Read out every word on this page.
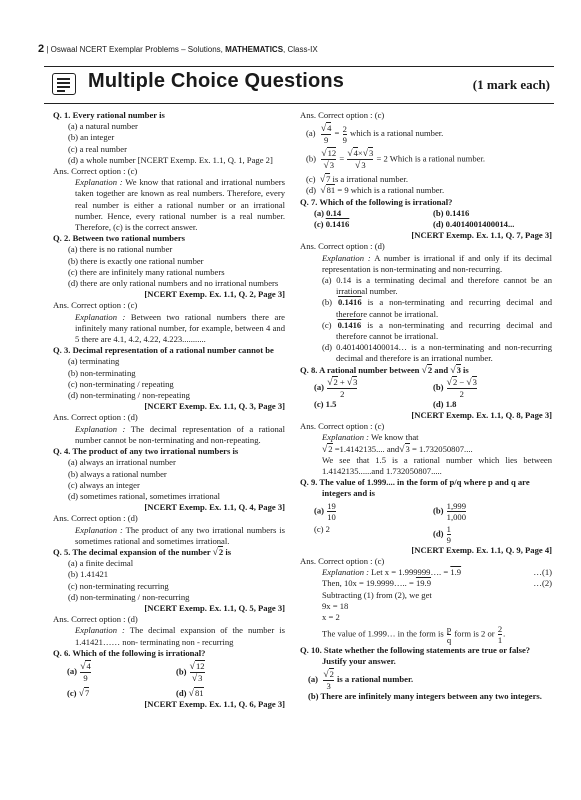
2 | Oswaal NCERT Exemplar Problems – Solutions, MATHEMATICS, Class-IX
Multiple Choice Questions	(1 mark each)
Q. 1. Every rational number is
(a) a natural number
(b) an integer
(c) a real number
(d) a whole number [NCERT Exemp. Ex. 1.1, Q. 1, Page 2]
Ans. Correct option : (c)
Explanation : We know that rational and irrational numbers taken together are known as real numbers. Therefore, every real number is either a rational number or an irrational number. Hence, every rational number is a real number. Therefore, (c) is the correct answer.
Q. 2. Between two rational numbers
(a) there is no rational number
(b) there is exactly one rational number
(c) there are infinitely many rational numbers
(d) there are only rational numbers and no irrational numbers
[NCERT Exemp. Ex. 1.1, Q. 2, Page 3]
Ans. Correct option : (c)
Explanation : Between two rational numbers there are infinitely many rational number, for example, between 4 and 5 there are 4.1, 4.2, 4.22, 4.223...........
Q. 3. Decimal representation of a rational number cannot be
(a) terminating
(b) non-terminating
(c) non-terminating / repeating
(d) non-terminating / non-repeating
[NCERT Exemp. Ex. 1.1, Q. 3, Page 3]
Ans. Correct option : (d)
Explanation : The decimal representation of a rational number cannot be non-terminating and non-repeating.
Q. 4. The product of any two irrational numbers is
(a) always an irrational number
(b) always a rational number
(c) always an integer
(d) sometimes rational, sometimes irrational
[NCERT Exemp. Ex. 1.1, Q. 4, Page 3]
Ans. Correct option : (d)
Explanation : The product of any two irrational numbers is sometimes rational and sometimes irrational.
Q. 5. The decimal expansion of the number √2 is
(a) a finite decimal
(b) 1.41421
(c) non-terminating recurring
(d) non-terminating / non-recurring
[NCERT Exemp. Ex. 1.1, Q. 5, Page 3]
Ans. Correct option : (d)
Explanation : The decimal expansion of the number is 1.41421…… non- terminating non - recurring
Q. 6. Which of the following is irrational?
$(a) \frac{√4}{9}$	$(b) \frac{√12}{√3}$
(c) √7	(d) √81
[NCERT Exemp. Ex. 1.1, Q. 6, Page 3]
Ans. Correct option : (c)
$(a) \frac{√4}{9} = \frac{2}{9}$ which is a rational number.
$(b) \frac{√12}{√3} = \frac{√4\times√3}{√3} = 2$ Which is a rational number.
(c) √7 is a irrational number.
(d) √81 = 9 which is a rational number.
Q. 7. Which of the following is irrational?
(a) 0.14	(b) 0.1416
(c) 0.1416	(d) 0.4014001400014...
[NCERT Exemp. Ex. 1.1, Q. 7, Page 3]
Ans. Correct option : (d)
Explanation : A number is irrational if and only if its decimal representation is non-terminating and non-recurring.
(a) 0.14 is a terminating decimal and therefore cannot be an irrational number.
(b) 0.1416 is a non-terminating and recurring decimal and therefore cannot be irrational.
(c) 0.1416 is a non-terminating and recurring decimal and therefore cannot be irrational.
(d) 0.4014001400014… is a non-terminating and non-recurring decimal and therefore is an irrational number.
Q. 8. A rational number between √2 and √3 is
$(a) \frac{√2 + √3}{2}$	$(b) \frac{√2 - √3}{2}$
(c) 1.5	(d) 1.8
[NCERT Exemp. Ex. 1.1, Q. 8, Page 3]
Ans. Correct option : (c)
Explanation : We know that
√2 =1.4142135.... and√3 = 1.732050807....
We see that 1.5 is a rational number which lies between 1.4142135......and 1.732050807.....
Q. 9. The value of 1.999.... in the form of p/q where p and q are integers and is
$(a) \frac{19}{10}$	$(b) \frac{1,999}{1,000}$
(c) 2	$(d) \frac{1}{9}$
[NCERT Exemp. Ex. 1.1, Q. 9, Page 4]
Ans. Correct option : (c)
Explanation : Let x = 1.999999…. = 1.9	…(1)
Then, 10x = 19.9999….. = 19.9	…(2)
Subtracting (1) from (2), we get
9x = 18
x = 2
The value of 1.999… in the form is $\frac{p}{q}$ form is 2 or $\frac{2}{1}$ .
Q. 10. State whether the following statements are true or false? Justify your answer.
$(a) \frac{√2}{3}$ is a rational number.
(b) There are infinitely many integers between any two integers.
